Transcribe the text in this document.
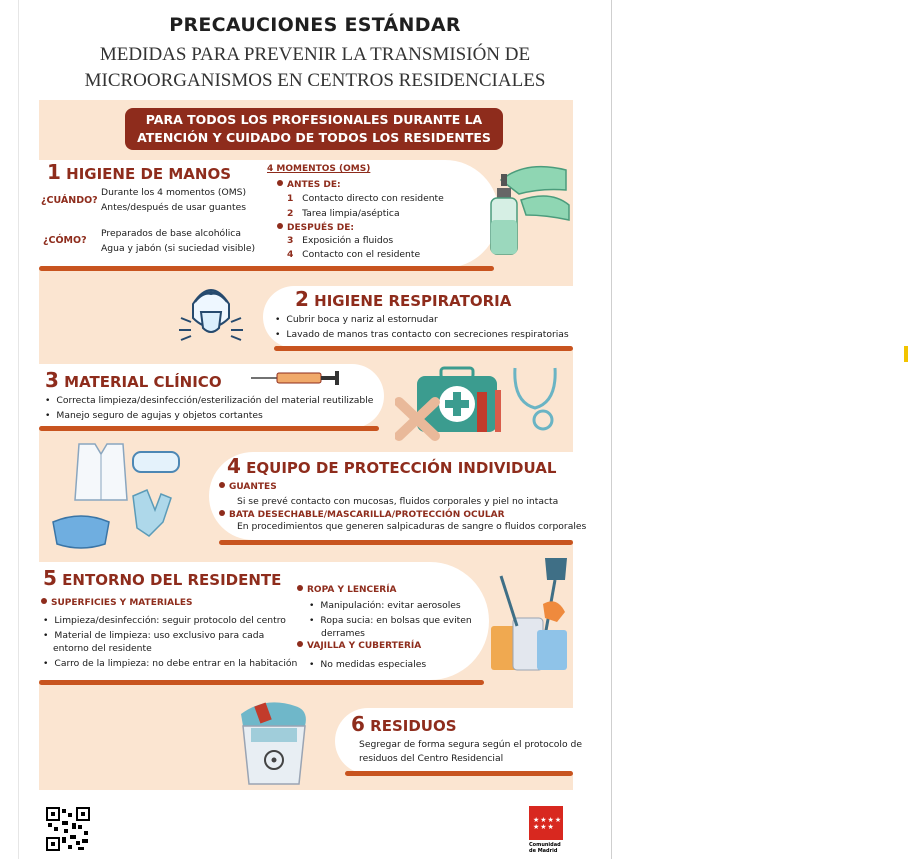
PRECAUCIONES ESTÁNDAR
MEDIDAS PARA PREVENIR LA TRANSMISIÓN DE
MICROORGANISMOS EN CENTROS RESIDENCIALES
PARA TODOS LOS PROFESIONALES DURANTE LA
ATENCIÓN Y CUIDADO DE TODOS LOS RESIDENTES
1 HIGIENE DE MANOS
¿CUÁNDO?
Durante los 4 momentos (OMS)
Antes/después de usar guantes
¿CÓMO?
Preparados de base alcohólica
Agua y jabón (si suciedad visible)
4 MOMENTOS (OMS)
ANTES DE:
1 Contacto directo con residente
2 Tarea limpia/aséptica
DESPUÉS DE:
3 Exposición a fluidos
4 Contacto con el residente
2 HIGIENE RESPIRATORIA
• Cubrir boca y nariz al estornudar
• Lavado de manos tras contacto con secreciones respiratorias
3 MATERIAL CLÍNICO
• Correcta limpieza/desinfección/esterilización del material reutilizable
• Manejo seguro de agujas y objetos cortantes
4 EQUIPO DE PROTECCIÓN INDIVIDUAL
GUANTES
Si se prevé contacto con mucosas, fluidos corporales y piel no intacta
BATA DESECHABLE/MASCARILLA/PROTECCIÓN OCULAR
En procedimientos que generen salpicaduras de sangre o fluidos corporales
5 ENTORNO DEL RESIDENTE
SUPERFICIES Y MATERIALES
• Limpieza/desinfección: seguir protocolo del centro
• Material de limpieza: uso exclusivo para cada
entorno del residente
• Carro de la limpieza: no debe entrar en la habitación
ROPA Y LENCERÍA
• Manipulación: evitar aerosoles
• Ropa sucia: en bolsas que eviten
derrames
VAJILLA Y CUBERTERÍA
• No medidas especiales
6 RESIDUOS
Segregar de forma segura según el protocolo de
residuos del Centro Residencial
★★★★
★★★
Comunidad
de Madrid
